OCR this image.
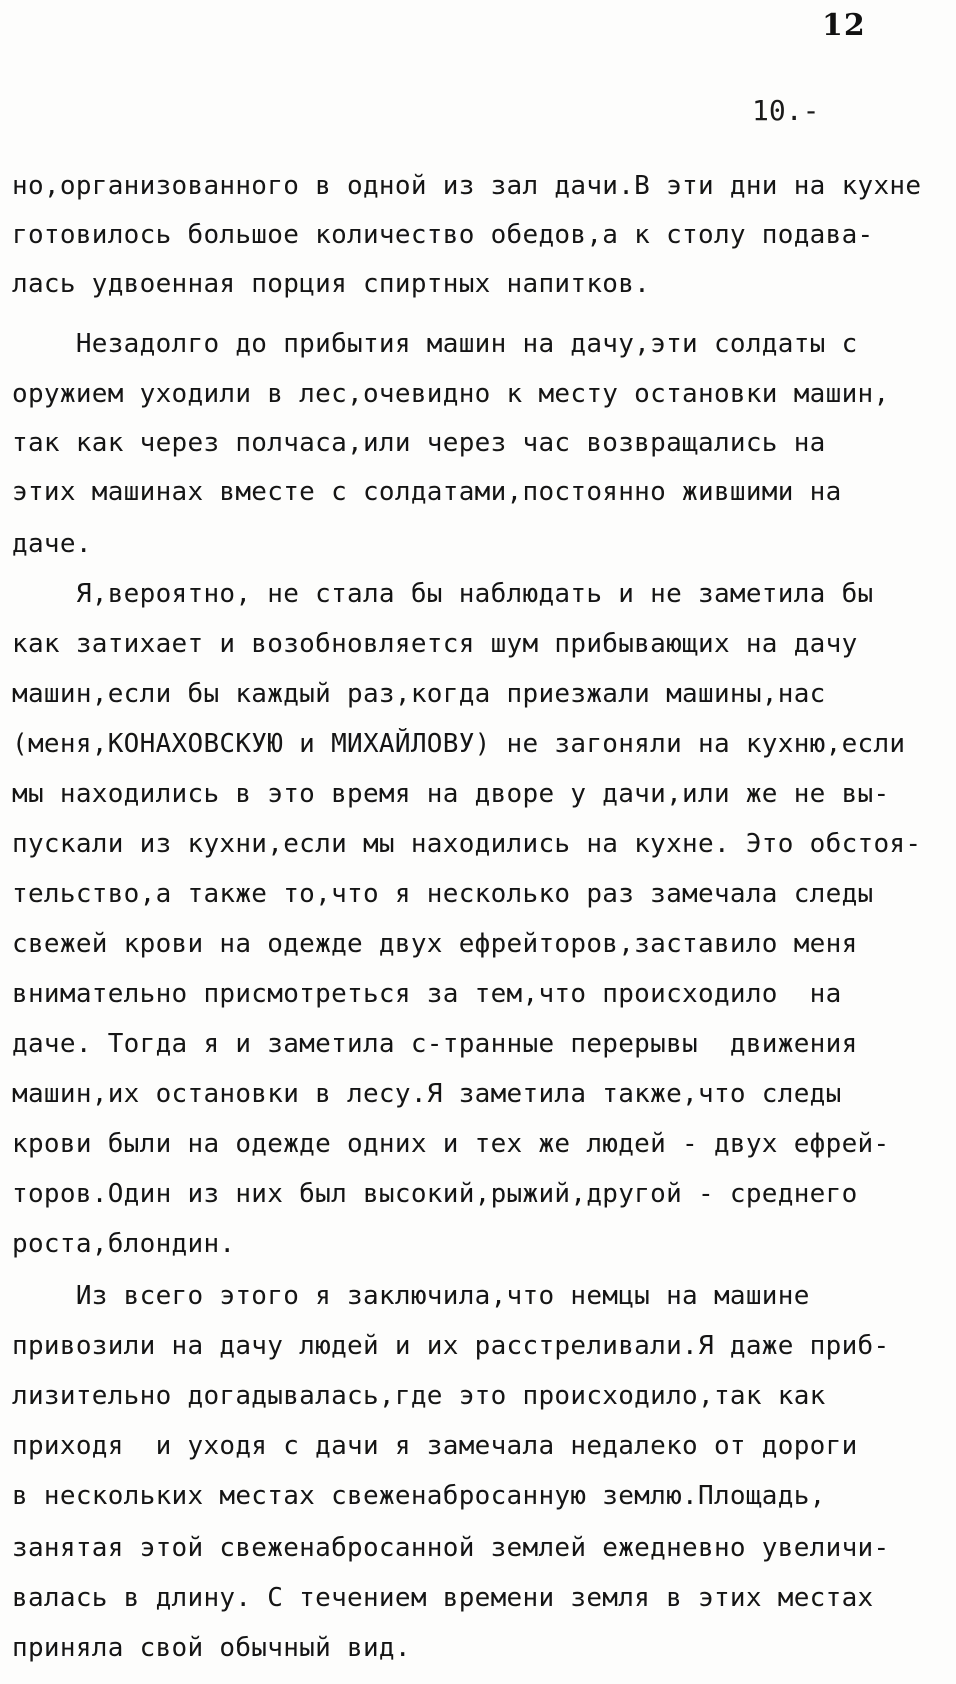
12
10.-
но,организованного в одной из зал дачи.В эти дни на кухне
готовилось большое количество обедов,а к столу подава-
лась удвоенная порция спиртных напитков.
Незадолго до прибытия машин на дачу,эти солдаты с
оружием уходили в лес,очевидно к месту остановки машин,
так как через полчаса,или через час возвращались на
этих машинах вместе с солдатами,постоянно жившими на
даче.
Я,вероятно, не стала бы наблюдать и не заметила бы
как затихает и возобновляется шум прибывающих на дачу
машин,если бы каждый раз,когда приезжали машины,нас
(меня,КОНАХОВСКУЮ и МИХАЙЛОВУ) не загоняли на кухню,если
мы находились в это время на дворе у дачи,или же не вы-
пускали из кухни,если мы находились на кухне. Это обстоя-
тельство,а также то,что я несколько раз замечала следы
свежей крови на одежде двух ефрейторов,заставило меня
внимательно присмотреться за тем,что происходило  на
даче. Тогда я и заметила с-транные перерывы  движения
машин,их остановки в лесу.Я заметила также,что следы
крови были на одежде одних и тех же людей - двух ефрей-
торов.Один из них был высокий,рыжий,другой - среднего
роста,блондин.
Из всего этого я заключила,что немцы на машине
привозили на дачу людей и их расстреливали.Я даже приб-
лизительно догадывалась,где это происходило,так как
приходя  и уходя с дачи я замечала недалеко от дороги
в нескольких местах свеженабросанную землю.Площадь,
занятая этой свеженабросанной землей ежедневно увеличи-
валась в длину. С течением времени земля в этих местах
приняла свой обычный вид.
